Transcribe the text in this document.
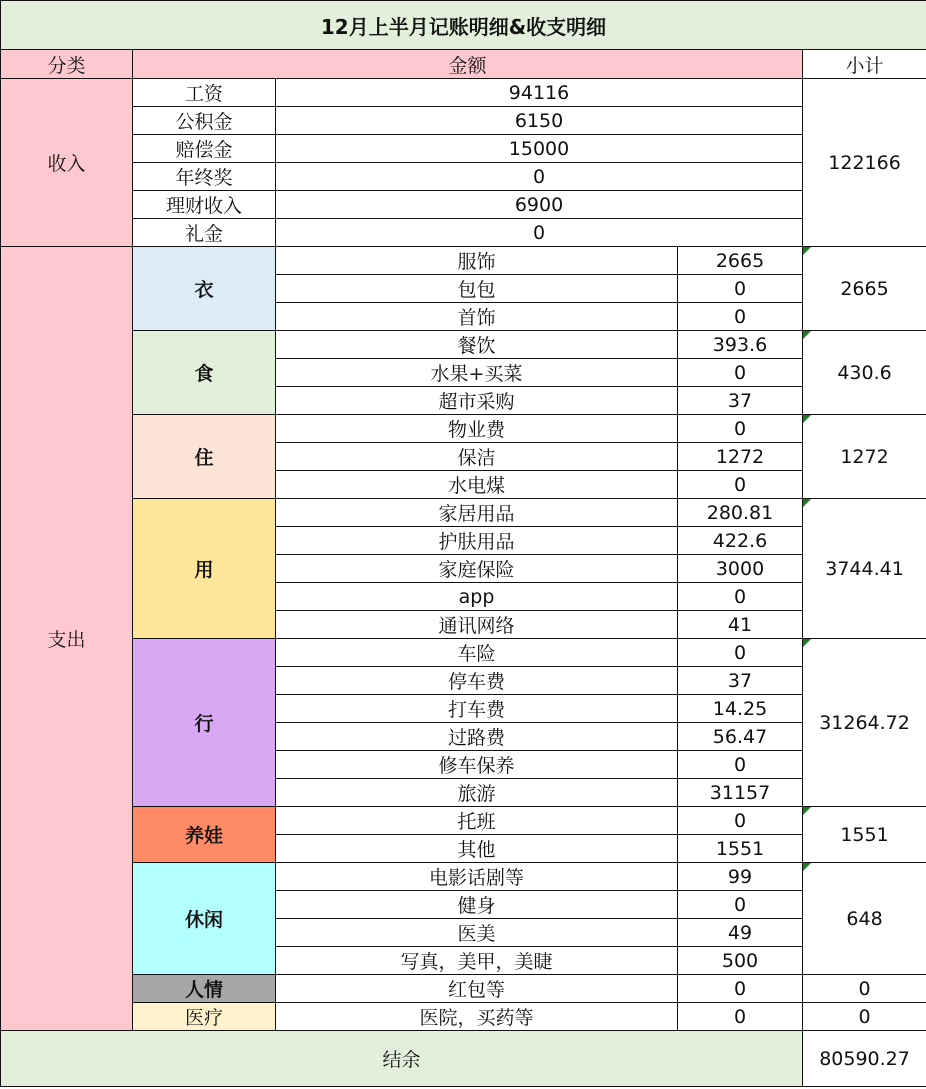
12月上半月记账明细&收支明细					
分类	金额			小计	
收入	工资	94116		122166	
	公积金	6150			
	赔偿金	15000			
	年终奖	0			
	理财收入	6900			
	礼金	0			
支出	衣	服饰	2665	2665	
		包包	0		
		首饰	0		
	食	餐饮	393.6	430.6	
		水果+买菜	0		
		超市采购	37		
	住	物业费	0	1272	
		保洁	1272		
		水电煤	0		
	用	家居用品	280.81	3744.41	
		护肤用品	422.6		
		家庭保险	3000		
		app	0		
		通讯网络	41		
	行	车险	0	31264.72	
		停车费	37		
		打车费	14.25		
		过路费	56.47		
		修车保养	0		
		旅游	31157		
	养娃	托班	0	1551	
		其他	1551		
	休闲	电影话剧等	99	648	
		健身	0		
		医美	49		
		写真，美甲，美睫	500		
	人情	红包等	0	0	
	医疗	医院，买药等	0	0	
结余				80590.27	
